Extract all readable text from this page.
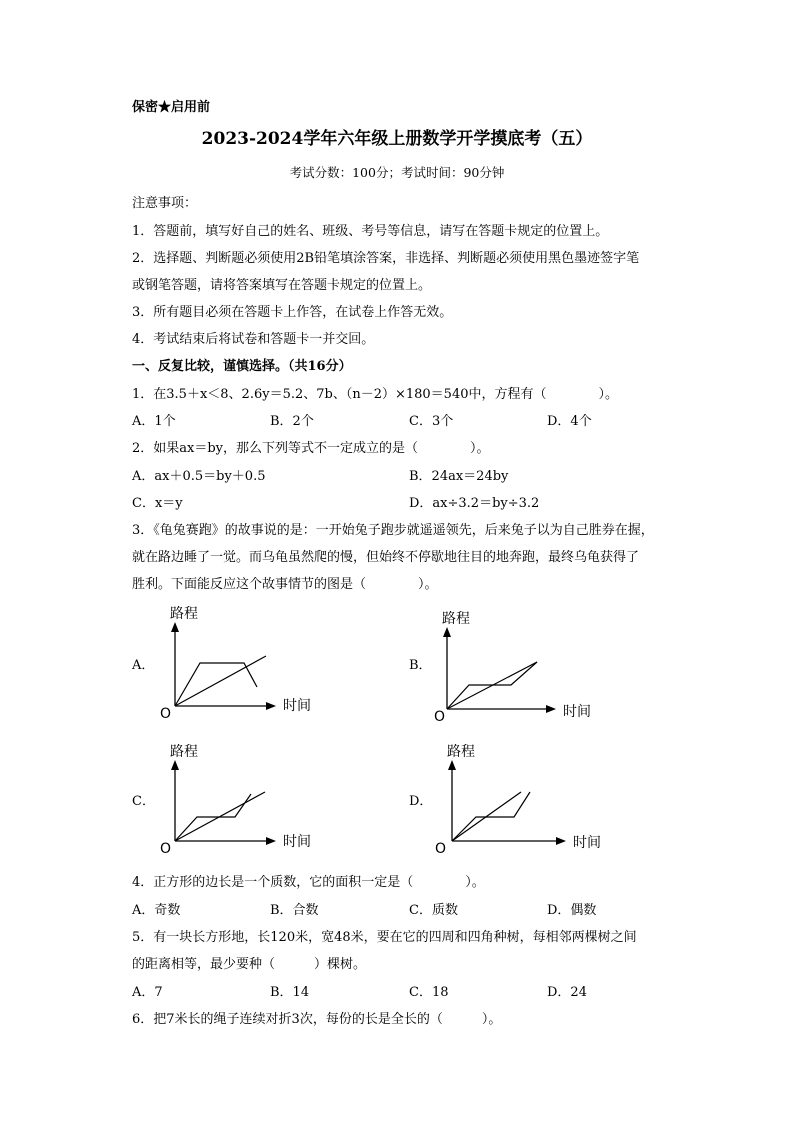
保密★启用前
2023-2024学年六年级上册数学开学摸底考（五）
考试分数：100分；考试时间：90分钟
注意事项：
1．答题前，填写好自己的姓名、班级、考号等信息，请写在答题卡规定的位置上。
2．选择题、判断题必须使用2B铅笔填涂答案，非选择、判断题必须使用黑色墨迹签字笔
或钢笔答题，请将答案填写在答题卡规定的位置上。
3．所有题目必须在答题卡上作答，在试卷上作答无效。
4．考试结束后将试卷和答题卡一并交回。
一、反复比较，谨慎选择。（共16分）
1．在3.5＋x＜8、2.6y＝5.2、7b、（n－2）×180＝540中，方程有（　　　　）。
A．1个	B．2个	C．3个	D．4个
2．如果ax＝by，那么下列等式不一定成立的是（　　　　）。
A．ax＋0.5＝by＋0.5	B．24ax＝24by
C．x＝y	D．ax÷3.2＝by÷3.2
3．《龟兔赛跑》的故事说的是：一开始兔子跑步就遥遥领先，后来兔子以为自己胜券在握，
就在路边睡了一觉。而乌龟虽然爬的慢，但始终不停歇地往目的地奔跑，最终乌龟获得了
胜利。下面能反应这个故事情节的图是（　　　　）。
A．
路程
O	时间
B．
路程
O	时间
C．
路程
O	时间
D．
路程
O	时间
4．正方形的边长是一个质数，它的面积一定是（　　　　）。
A．奇数	B．合数	C．质数	D．偶数
5．有一块长方形地，长120米，宽48米，要在它的四周和四角种树，每相邻两棵树之间
的距离相等，最少要种（　　　）棵树。
A．7	B．14	C．18	D．24
6．把7米长的绳子连续对折3次，每份的长是全长的（　　　）。
